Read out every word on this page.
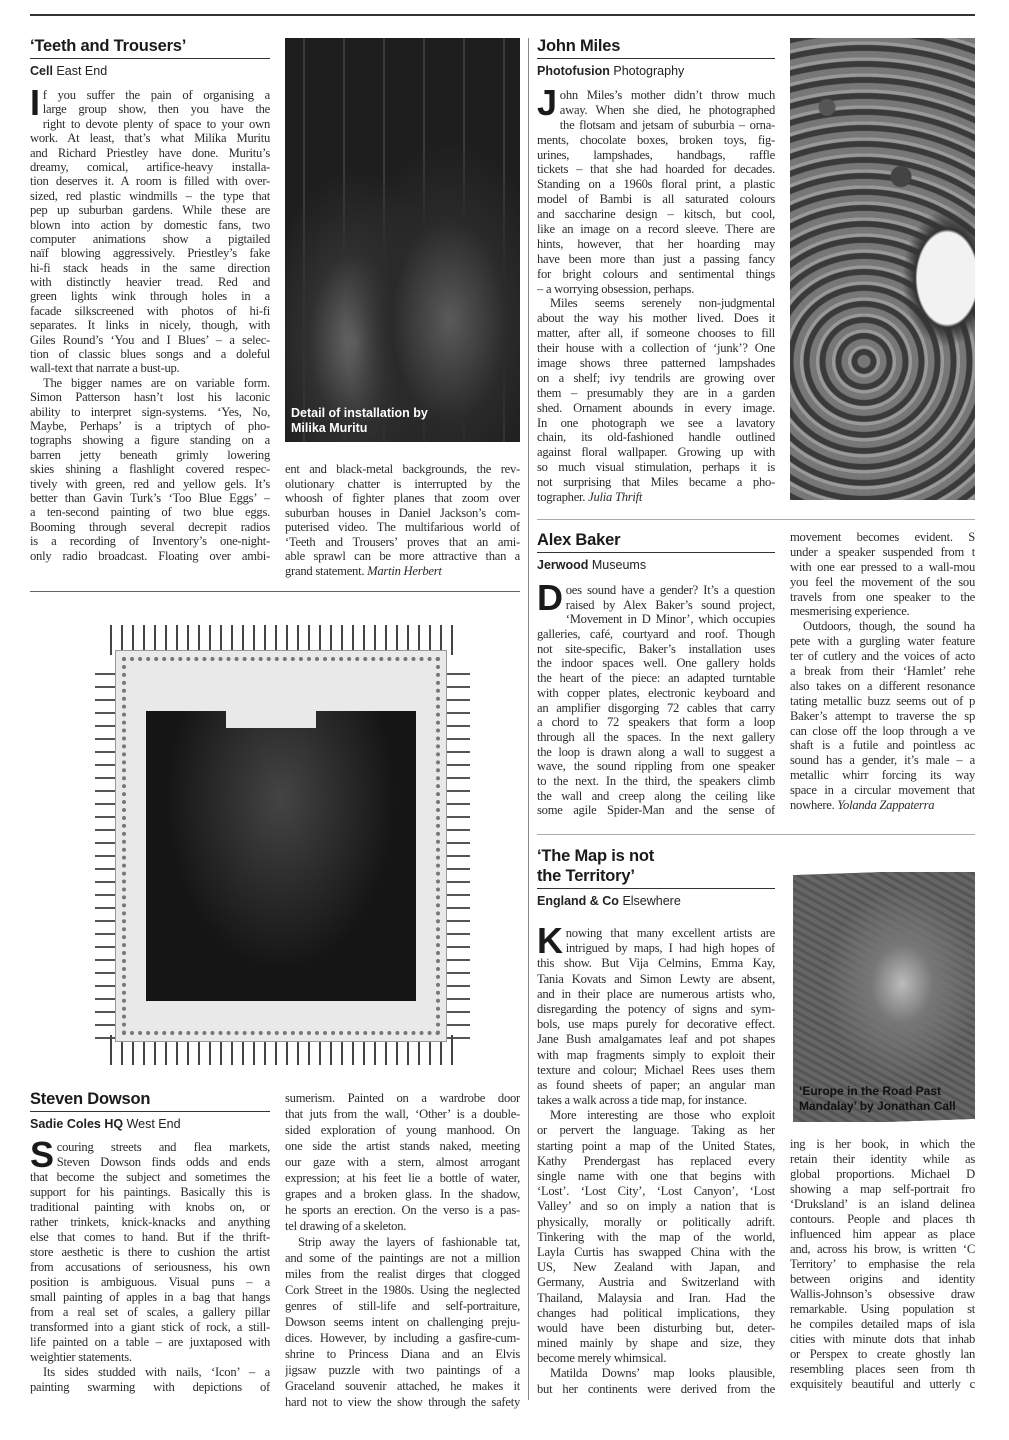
‘Teeth and Trousers’
Cell East End
I f you suffer the pain of organising a
large group show, then you have the
right to devote plenty of space to your own
work. At least, that’s what Milika Muritu
and Richard Priestley have done. Muritu’s
dreamy, comical, artifice-heavy installa-
tion deserves it. A room is filled with over-
sized, red plastic windmills – the type that
pep up suburban gardens. While these are
blown into action by domestic fans, two
computer animations show a pigtailed
naïf blowing aggressively. Priestley’s fake
hi-fi stack heads in the same direction
with distinctly heavier tread. Red and
green lights wink through holes in a
facade silkscreened with photos of hi-fi
separates. It links in nicely, though, with
Giles Round’s ‘You and I Blues’ – a selec-
tion of classic blues songs and a doleful
wall-text that narrate a bust-up.
The bigger names are on variable form.
Simon Patterson hasn’t lost his laconic
ability to interpret sign-systems. ‘Yes, No,
Maybe, Perhaps’ is a triptych of pho-
tographs showing a figure standing on a
barren jetty beneath grimly lowering
skies shining a flashlight covered respec-
tively with green, red and yellow gels. It’s
better than Gavin Turk’s ‘Too Blue Eggs’ –
a ten-second painting of two blue eggs.
Booming through several decrepit radios
is a recording of Inventory’s one-night-
only radio broadcast. Floating over ambi-
Detail of installation by
Milika Muritu
ent and black-metal backgrounds, the rev-
olutionary chatter is interrupted by the
whoosh of fighter planes that zoom over
suburban houses in Daniel Jackson’s com-
puterised video. The multifarious world of
‘Teeth and Trousers’ proves that an ami-
able sprawl can be more attractive than a
grand statement. Martin Herbert
Steven Dowson
Sadie Coles HQ West End
S couring streets and flea markets,
Steven Dowson finds odds and ends
that become the subject and sometimes the
support for his paintings. Basically this is
traditional painting with knobs on, or
rather trinkets, knick-knacks and anything
else that comes to hand. But if the thrift-
store aesthetic is there to cushion the artist
from accusations of seriousness, his own
position is ambiguous. Visual puns – a
small painting of apples in a bag that hangs
from a real set of scales, a gallery pillar
transformed into a giant stick of rock, a still-
life painted on a table – are juxtaposed with
weightier statements.
Its sides studded with nails, ‘Icon’ – a
painting swarming with depictions of
sumerism. Painted on a wardrobe door
that juts from the wall, ‘Other’ is a double-
sided exploration of young manhood. On
one side the artist stands naked, meeting
our gaze with a stern, almost arrogant
expression; at his feet lie a bottle of water,
grapes and a broken glass. In the shadow,
he sports an erection. On the verso is a pas-
tel drawing of a skeleton.
Strip away the layers of fashionable tat,
and some of the paintings are not a million
miles from the realist dirges that clogged
Cork Street in the 1980s. Using the neglected
genres of still-life and self-portraiture,
Dowson seems intent on challenging preju-
dices. However, by including a gasfire-cum-
shrine to Princess Diana and an Elvis
jigsaw puzzle with two paintings of a
Graceland souvenir attached, he makes it
hard not to view the show through the safety
John Miles
Photofusion Photography
J ohn Miles’s mother didn’t throw much
away. When she died, he photographed
the flotsam and jetsam of suburbia – orna-
ments, chocolate boxes, broken toys, fig-
urines, lampshades, handbags, raffle
tickets – that she had hoarded for decades.
Standing on a 1960s floral print, a plastic
model of Bambi is all saturated colours
and saccharine design – kitsch, but cool,
like an image on a record sleeve. There are
hints, however, that her hoarding may
have been more than just a passing fancy
for bright colours and sentimental things
– a worrying obsession, perhaps.
Miles seems serenely non-judgmental
about the way his mother lived. Does it
matter, after all, if someone chooses to fill
their house with a collection of ‘junk’? One
image shows three patterned lampshades
on a shelf; ivy tendrils are growing over
them – presumably they are in a garden
shed. Ornament abounds in every image.
In one photograph we see a lavatory
chain, its old-fashioned handle outlined
against floral wallpaper. Growing up with
so much visual stimulation, perhaps it is
not surprising that Miles became a pho-
tographer. Julia Thrift
Alex Baker
Jerwood Museums
D oes sound have a gender? It’s a question
raised by Alex Baker’s sound project,
‘Movement in D Minor’, which occupies
galleries, café, courtyard and roof. Though
not site-specific, Baker’s installation uses
the indoor spaces well. One gallery holds
the heart of the piece: an adapted turntable
with copper plates, electronic keyboard and
an amplifier disgorging 72 cables that carry
a chord to 72 speakers that form a loop
through all the spaces. In the next gallery
the loop is drawn along a wall to suggest a
wave, the sound rippling from one speaker
to the next. In the third, the speakers climb
the wall and creep along the ceiling like
some agile Spider-Man and the sense of
movement becomes evident. S
under a speaker suspended from t
with one ear pressed to a wall-mou
you feel the movement of the sou
travels from one speaker to the
mesmerising experience.
Outdoors, though, the sound ha
pete with a gurgling water feature
ter of cutlery and the voices of acto
a break from their ‘Hamlet’ rehe
also takes on a different resonance
tating metallic buzz seems out of p
Baker’s attempt to traverse the sp
can close off the loop through a ve
shaft is a futile and pointless ac
sound has a gender, it’s male – a
metallic whirr forcing its way
space in a circular movement that
nowhere. Yolanda Zappaterra
‘The Map is not
the Territory’
England & Co Elsewhere
K nowing that many excellent artists are
intrigued by maps, I had high hopes of
this show. But Vija Celmins, Emma Kay,
Tania Kovats and Simon Lewty are absent,
and in their place are numerous artists who,
disregarding the potency of signs and sym-
bols, use maps purely for decorative effect.
Jane Bush amalgamates leaf and pot shapes
with map fragments simply to exploit their
texture and colour; Michael Rees uses them
as found sheets of paper; an angular man
takes a walk across a tide map, for instance.
More interesting are those who exploit
or pervert the language. Taking as her
starting point a map of the United States,
Kathy Prendergast has replaced every
single name with one that begins with
‘Lost’. ‘Lost City’, ‘Lost Canyon’, ‘Lost
Valley’ and so on imply a nation that is
physically, morally or politically adrift.
Tinkering with the map of the world,
Layla Curtis has swapped China with the
US, New Zealand with Japan, and
Germany, Austria and Switzerland with
Thailand, Malaysia and Iran. Had the
changes had political implications, they
would have been disturbing but, deter-
mined mainly by shape and size, they
become merely whimsical.
Matilda Downs’ map looks plausible,
but her continents were derived from the
‘Europe in the Road Past
Mandalay’ by Jonathan Call
ing is her book, in which the
retain their identity while as
global proportions. Michael D
showing a map self-portrait fro
‘Druksland’ is an island delinea
contours. People and places th
influenced him appear as place
and, across his brow, is written ‘C
Territory’ to emphasise the rela
between origins and identity
Wallis-Johnson’s obsessive draw
remarkable. Using population st
he compiles detailed maps of isla
cities with minute dots that inhab
or Perspex to create ghostly lan
resembling places seen from th
exquisitely beautiful and utterly c
